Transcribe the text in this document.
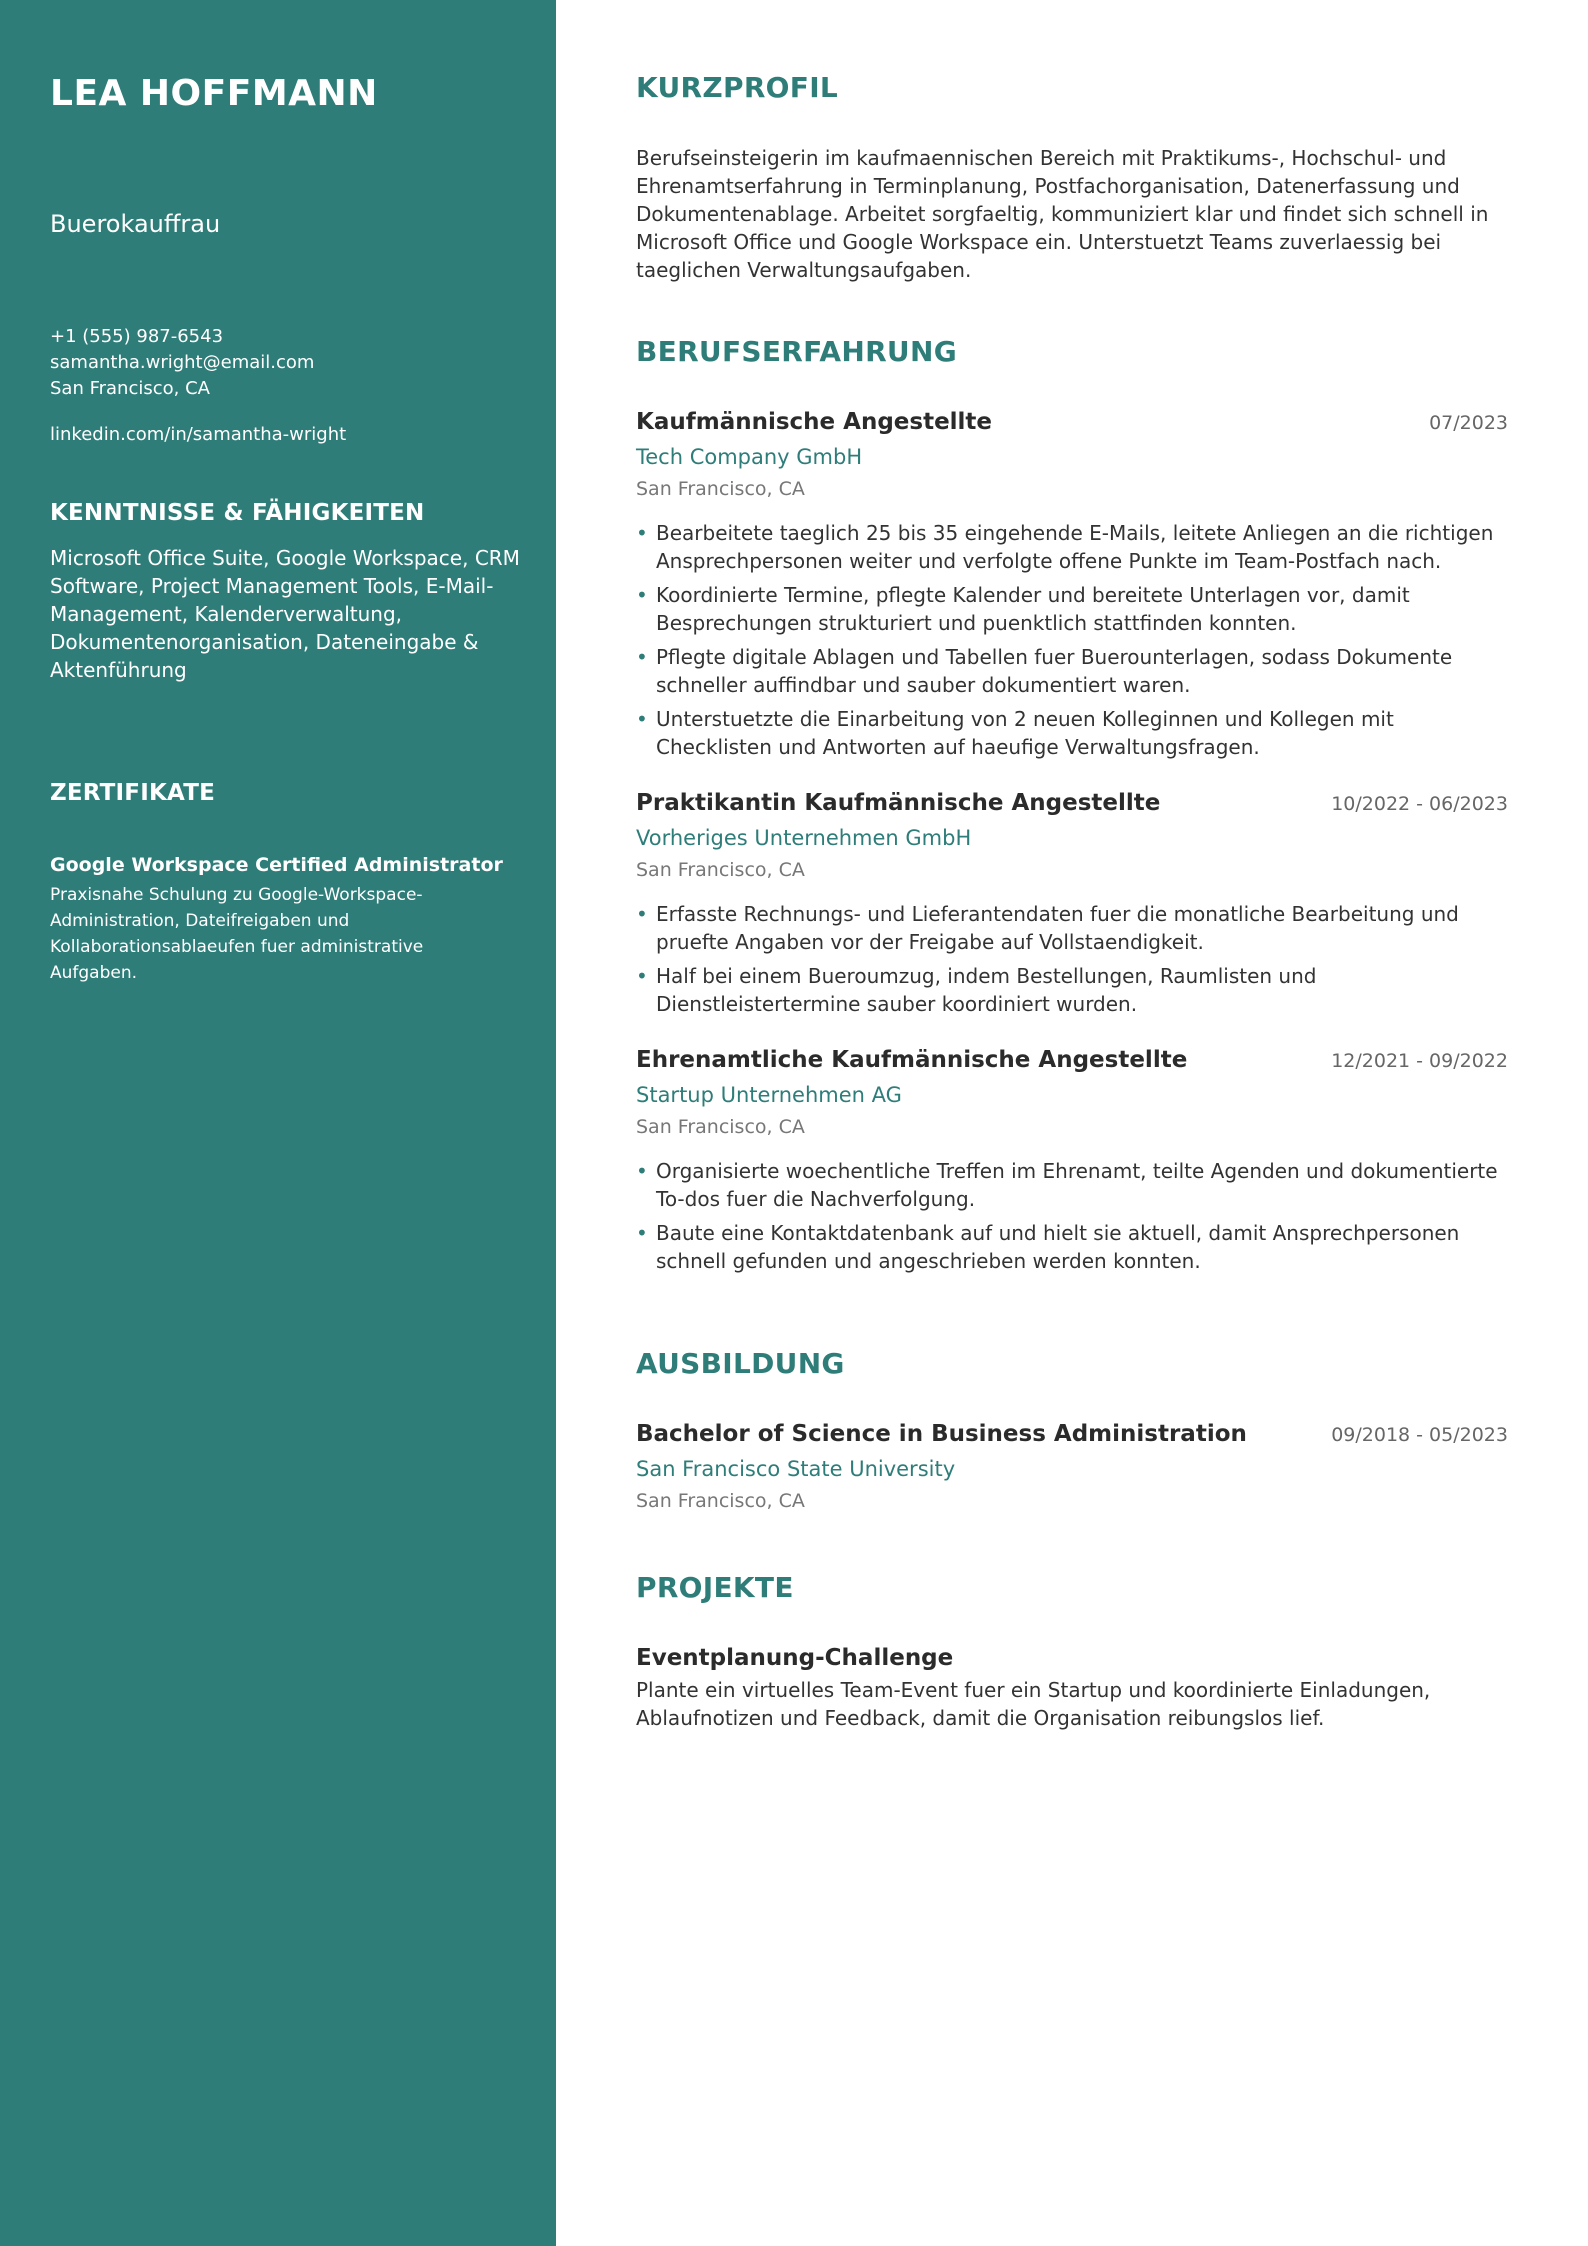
LEA HOFFMANN
Buerokauffrau
+1 (555) 987-6543
samantha.wright@email.com
San Francisco, CA
linkedin.com/in/samantha-wright
KENNTNISSE & FÄHIGKEITEN
Microsoft Office Suite, Google Workspace, CRM Software, Project Management Tools, E-Mail-Management, Kalenderverwaltung, Dokumentenorganisation, Dateneingabe & Aktenführung
ZERTIFIKATE
Google Workspace Certified Administrator
Praxisnahe Schulung zu Google-Workspace-Administration, Dateifreigaben und Kollaborationsablaeufen fuer administrative Aufgaben.
KURZPROFIL
Berufseinsteigerin im kaufmaennischen Bereich mit Praktikums-, Hochschul- und Ehrenamtserfahrung in Terminplanung, Postfachorganisation, Datenerfassung und Dokumentenablage. Arbeitet sorgfaeltig, kommuniziert klar und findet sich schnell in Microsoft Office und Google Workspace ein. Unterstuetzt Teams zuverlaessig bei taeglichen Verwaltungsaufgaben.
BERUFSERFAHRUNG
Kaufmännische Angestellte	07/2023
Tech Company GmbH
San Francisco, CA
• Bearbeitete taeglich 25 bis 35 eingehende E-Mails, leitete Anliegen an die richtigen Ansprechpersonen weiter und verfolgte offene Punkte im Team-Postfach nach.
• Koordinierte Termine, pflegte Kalender und bereitete Unterlagen vor, damit Besprechungen strukturiert und puenktlich stattfinden konnten.
• Pflegte digitale Ablagen und Tabellen fuer Buerounterlagen, sodass Dokumente schneller auffindbar und sauber dokumentiert waren.
• Unterstuetzte die Einarbeitung von 2 neuen Kolleginnen und Kollegen mit Checklisten und Antworten auf haeufige Verwaltungsfragen.
Praktikantin Kaufmännische Angestellte	10/2022 - 06/2023
Vorheriges Unternehmen GmbH
San Francisco, CA
• Erfasste Rechnungs- und Lieferantendaten fuer die monatliche Bearbeitung und pruefte Angaben vor der Freigabe auf Vollstaendigkeit.
• Half bei einem Bueroumzug, indem Bestellungen, Raumlisten und Dienstleistertermine sauber koordiniert wurden.
Ehrenamtliche Kaufmännische Angestellte	12/2021 - 09/2022
Startup Unternehmen AG
San Francisco, CA
• Organisierte woechentliche Treffen im Ehrenamt, teilte Agenden und dokumentierte To-dos fuer die Nachverfolgung.
• Baute eine Kontaktdatenbank auf und hielt sie aktuell, damit Ansprechpersonen schnell gefunden und angeschrieben werden konnten.
AUSBILDUNG
Bachelor of Science in Business Administration	09/2018 - 05/2023
San Francisco State University
San Francisco, CA
PROJEKTE
Eventplanung-Challenge
Plante ein virtuelles Team-Event fuer ein Startup und koordinierte Einladungen, Ablaufnotizen und Feedback, damit die Organisation reibungslos lief.
